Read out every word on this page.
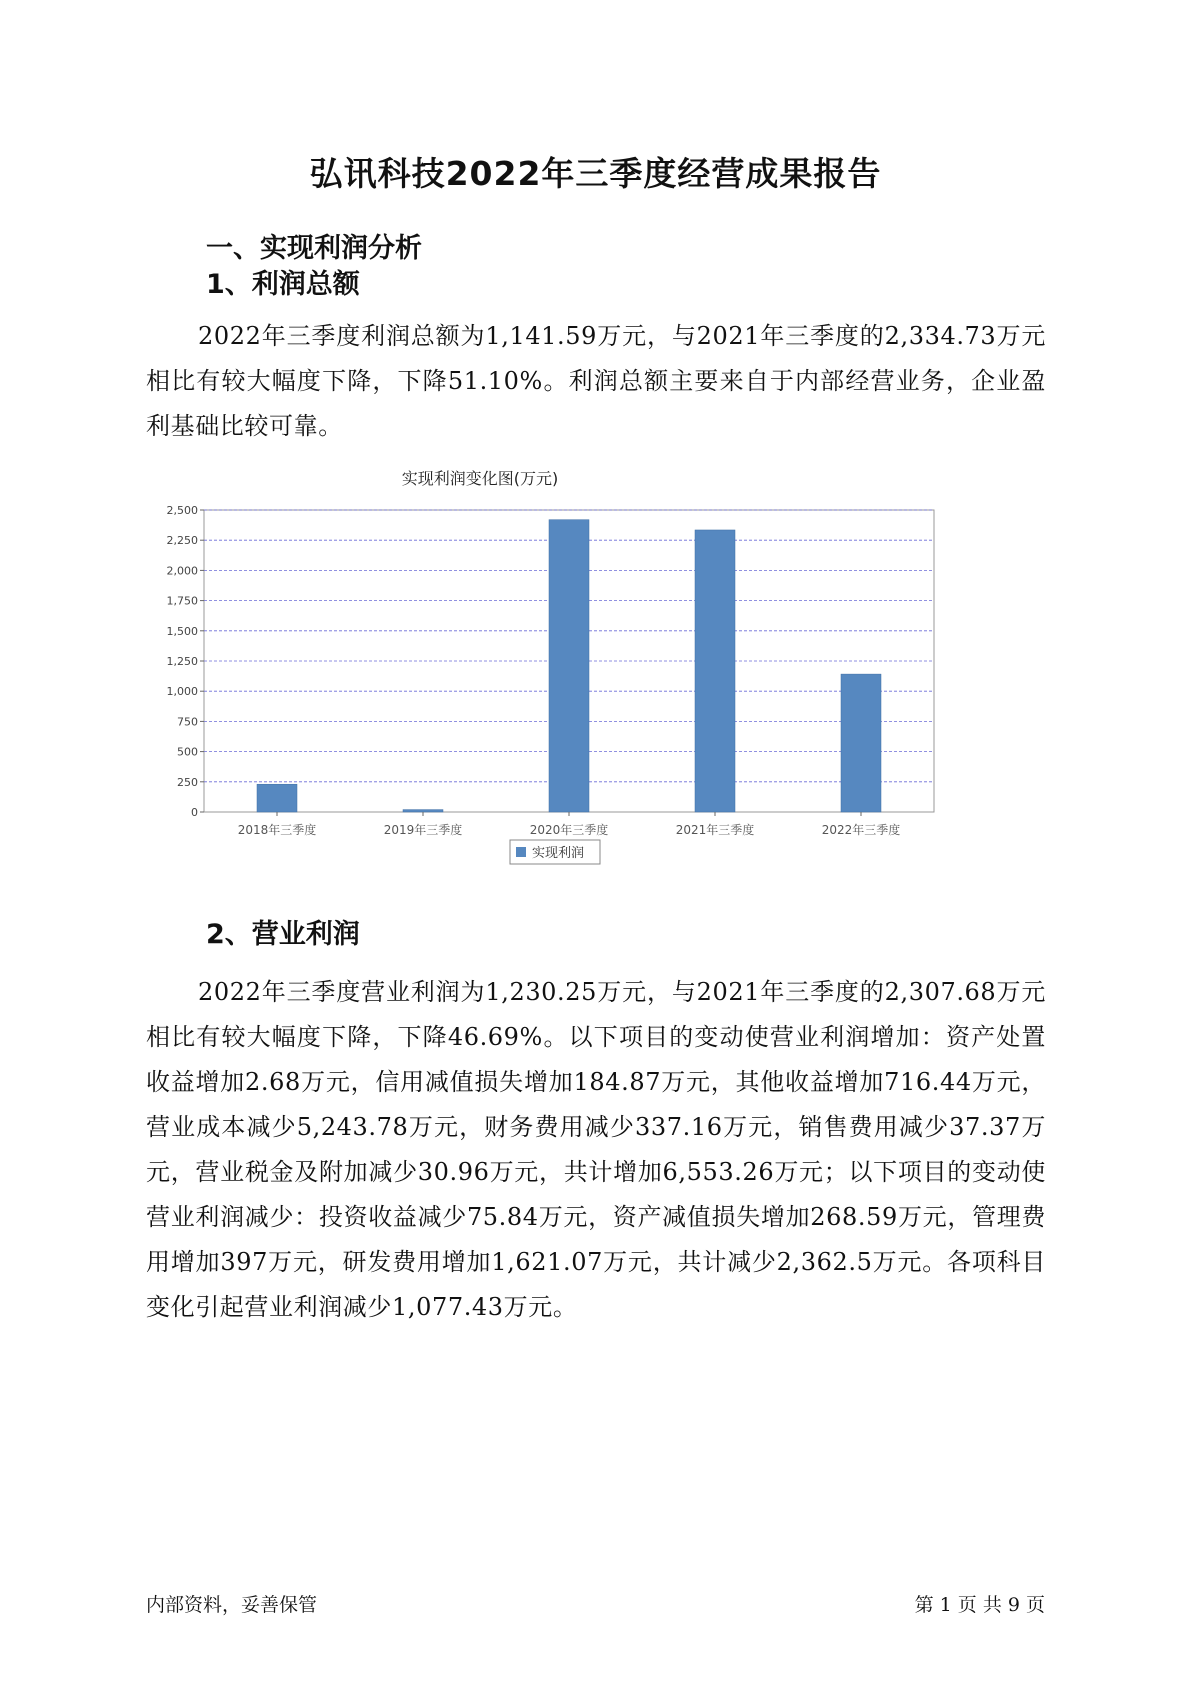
弘讯科技2022年三季度经营成果报告
一、实现利润分析
1、利润总额
2022年三季度利润总额为1,141.59万元，与2021年三季度的2,334.73万元相比有较大幅度下降，下降51.10%。利润总额主要来自于内部经营业务，企业盈利基础比较可靠。
实现利润变化图(万元)
0
250
500
750
1,000
1,250
1,500
1,750
2,000
2,250
2,500
2018年三季度	2019年三季度	2020年三季度	2021年三季度	2022年三季度
实现利润
2、营业利润
2022年三季度营业利润为1,230.25万元，与2021年三季度的2,307.68万元相比有较大幅度下降，下降46.69%。以下项目的变动使营业利润增加：资产处置收益增加2.68万元，信用减值损失增加184.87万元，其他收益增加716.44万元，营业成本减少5,243.78万元，财务费用减少337.16万元，销售费用减少37.37万元，营业税金及附加减少30.96万元，共计增加6,553.26万元；以下项目的变动使营业利润减少：投资收益减少75.84万元，资产减值损失增加268.59万元，管理费用增加397万元，研发费用增加1,621.07万元，共计减少2,362.5万元。各项科目变化引起营业利润减少1,077.43万元。
内部资料，妥善保管	第 1 页 共 9 页
